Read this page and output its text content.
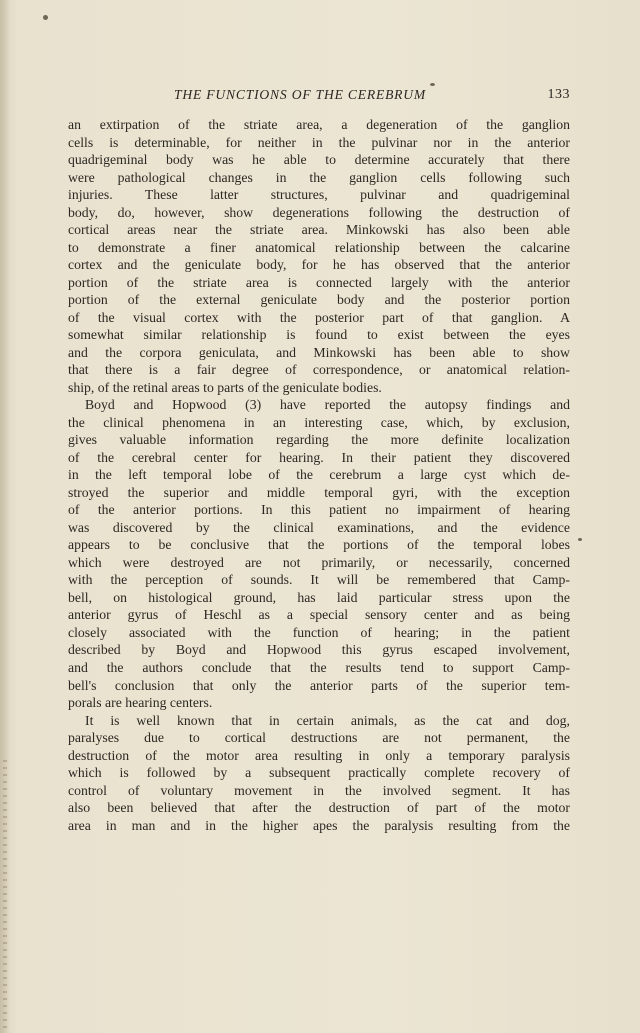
THE FUNCTIONS OF THE CEREBRUM	133
an extirpation of the striate area, a degeneration of the ganglion
cells is determinable, for neither in the pulvinar nor in the anterior
quadrigeminal body was he able to determine accurately that there
were pathological changes in the ganglion cells following such
injuries. These latter structures, pulvinar and quadrigeminal
body, do, however, show degenerations following the destruction of
cortical areas near the striate area. Minkowski has also been able
to demonstrate a finer anatomical relationship between the calcarine
cortex and the geniculate body, for he has observed that the anterior
portion of the striate area is connected largely with the anterior
portion of the external geniculate body and the posterior portion
of the visual cortex with the posterior part of that ganglion. A
somewhat similar relationship is found to exist between the eyes
and the corpora geniculata, and Minkowski has been able to show
that there is a fair degree of correspondence, or anatomical relation-
ship, of the retinal areas to parts of the geniculate bodies.
Boyd and Hopwood (3) have reported the autopsy findings and
the clinical phenomena in an interesting case, which, by exclusion,
gives valuable information regarding the more definite localization
of the cerebral center for hearing. In their patient they discovered
in the left temporal lobe of the cerebrum a large cyst which de-
stroyed the superior and middle temporal gyri, with the exception
of the anterior portions. In this patient no impairment of hearing
was discovered by the clinical examinations, and the evidence
appears to be conclusive that the portions of the temporal lobes
which were destroyed are not primarily, or necessarily, concerned
with the perception of sounds. It will be remembered that Camp-
bell, on histological ground, has laid particular stress upon the
anterior gyrus of Heschl as a special sensory center and as being
closely associated with the function of hearing; in the patient
described by Boyd and Hopwood this gyrus escaped involvement,
and the authors conclude that the results tend to support Camp-
bell's conclusion that only the anterior parts of the superior tem-
porals are hearing centers.
It is well known that in certain animals, as the cat and dog,
paralyses due to cortical destructions are not permanent, the
destruction of the motor area resulting in only a temporary paralysis
which is followed by a subsequent practically complete recovery of
control of voluntary movement in the involved segment. It has
also been believed that after the destruction of part of the motor
area in man and in the higher apes the paralysis resulting from the
